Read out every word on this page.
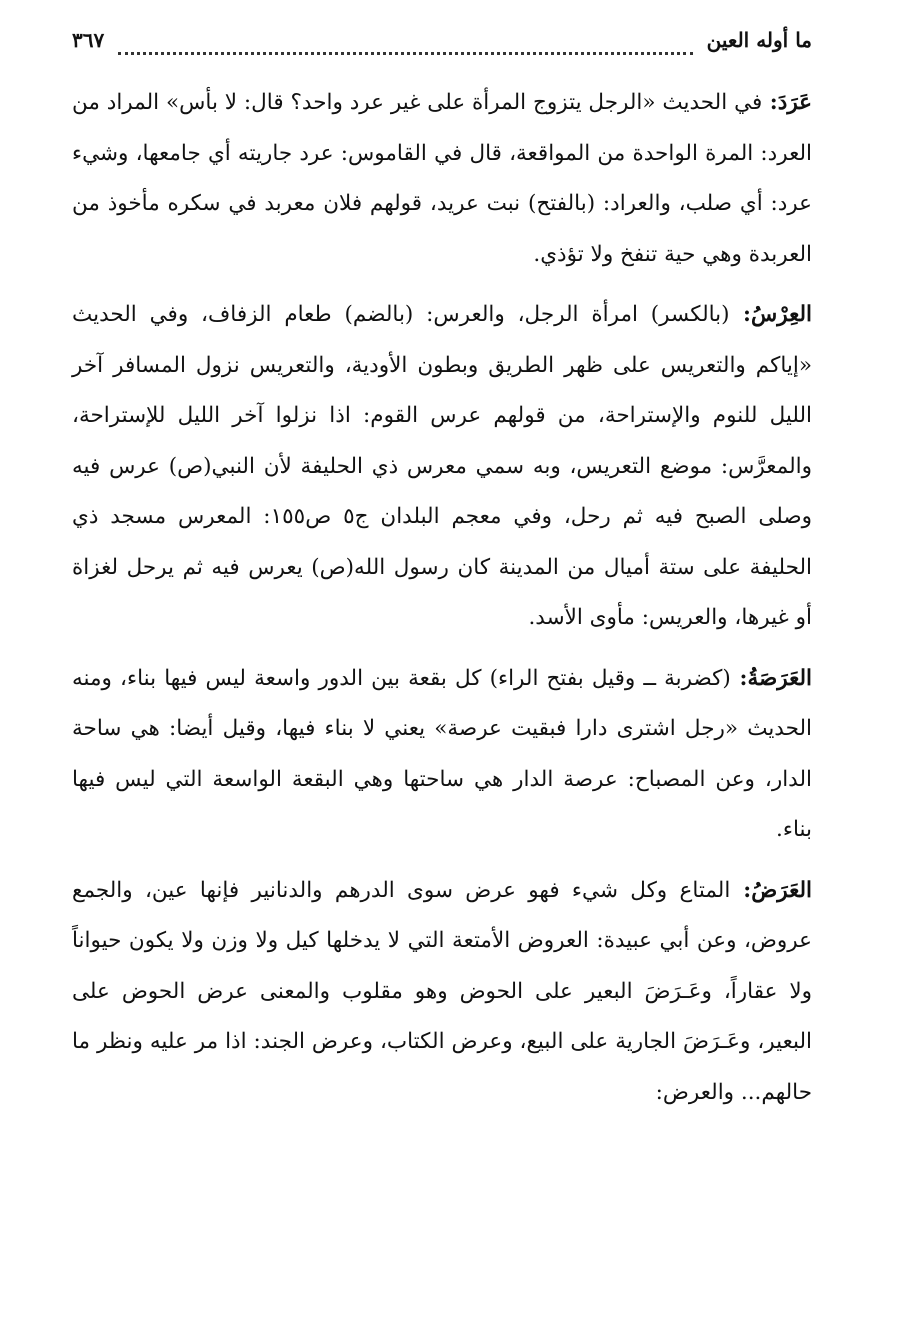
ما أوله العين
٣٦٧

عَرَدَ: في الحديث «الرجل يتزوج المرأة على غير عرد واحد؟ قال: لا بأس» المراد من العرد: المرة الواحدة من المواقعة، قال في القاموس: عرد جاريته أي جامعها، وشيء عرد: أي صلب، والعراد: (بالفتح) نبت عريد، قولهم فلان معربد في سكره مأخوذ من العربدة وهي حية تنفخ ولا تؤذي.

العِرْسُ: (بالكسر) امرأة الرجل، والعرس: (بالضم) طعام الزفاف، وفي الحديث «إياكم والتعريس على ظهر الطريق وبطون الأودية، والتعريس نزول المسافر آخر الليل للنوم والإستراحة، من قولهم عرس القوم: اذا نزلوا آخر الليل للإستراحة، والمعرَّس: موضع التعريس، وبه سمي معرس ذي الحليفة لأن النبي(ص) عرس فيه وصلى الصبح فيه ثم رحل، وفي معجم البلدان ج٥ ص١٥٥: المعرس مسجد ذي الحليفة على ستة أميال من المدينة كان رسول الله(ص) يعرس فيه ثم يرحل لغزاة أو غيرها، والعريس: مأوى الأسد.

العَرَصَةُ: (كضربة ــ وقيل بفتح الراء) كل بقعة بين الدور واسعة ليس فيها بناء، ومنه الحديث «رجل اشترى دارا فبقيت عرصة» يعني لا بناء فيها، وقيل أيضا: هي ساحة الدار، وعن المصباح: عرصة الدار هي ساحتها وهي البقعة الواسعة التي ليس فيها بناء.

العَرَضُ: المتاع وكل شيء فهو عرض سوى الدرهم والدنانير فإنها عين، والجمع عروض، وعن أبي عبيدة: العروض الأمتعة التي لا يدخلها كيل ولا وزن ولا يكون حيواناً ولا عقاراً، وعَـرَضَ البعير على الحوض وهو مقلوب والمعنى عرض الحوض على البعير، وعَـرَضَ الجارية على البيع، وعرض الكتاب، وعرض الجند: اذا مر عليه ونظر ما حالهم... والعرض:
